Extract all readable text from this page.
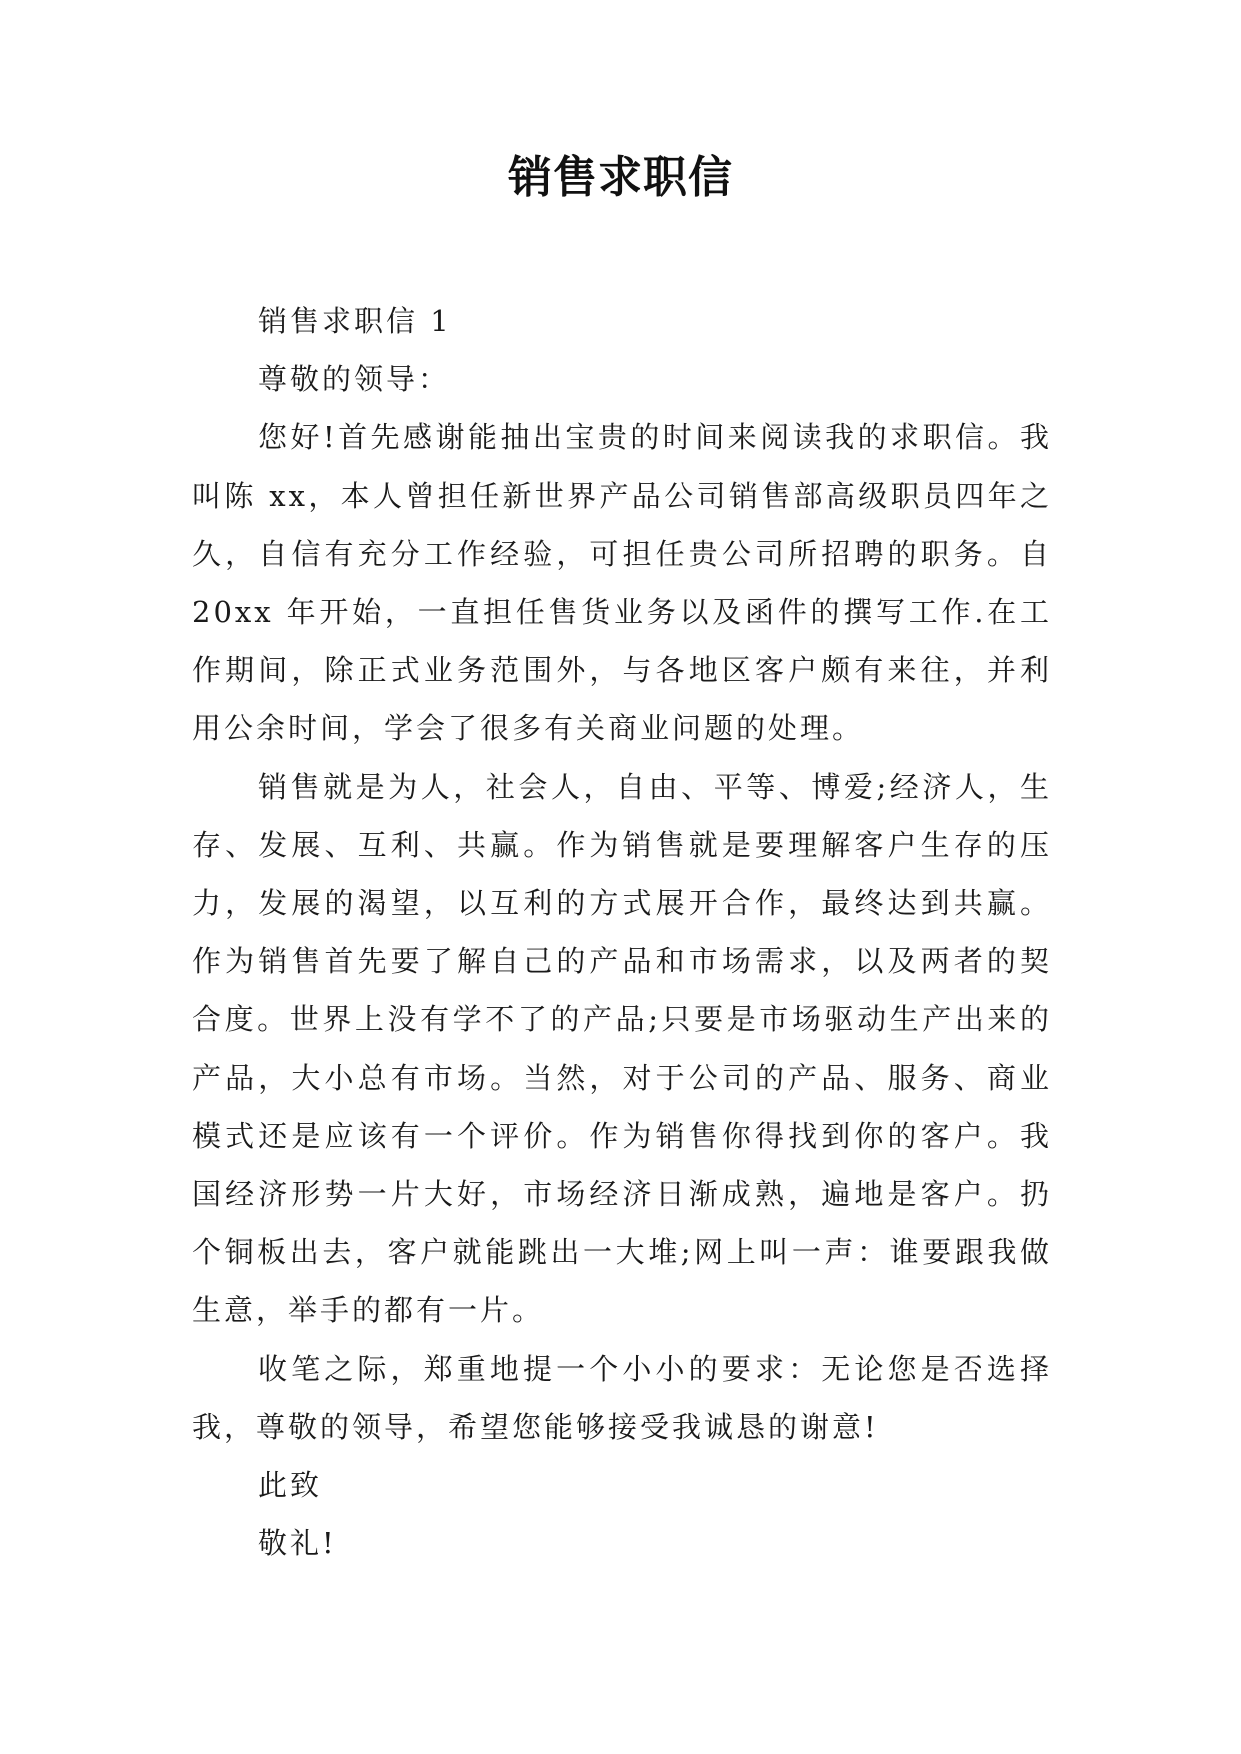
销售求职信

销售求职信 1

尊敬的领导：

您好!首先感谢能抽出宝贵的时间来阅读我的求职信。我叫陈 xx，本人曾担任新世界产品公司销售部高级职员四年之久，自信有充分工作经验，可担任贵公司所招聘的职务。自 20xx 年开始，一直担任售货业务以及函件的撰写工作.在工作期间，除正式业务范围外，与各地区客户颇有来往，并利用公余时间，学会了很多有关商业问题的处理。

销售就是为人，社会人，自由、平等、博爱;经济人，生存、发展、互利、共赢。作为销售就是要理解客户生存的压力，发展的渴望，以互利的方式展开合作，最终达到共赢。作为销售首先要了解自己的产品和市场需求，以及两者的契合度。世界上没有学不了的产品;只要是市场驱动生产出来的产品，大小总有市场。当然，对于公司的产品、服务、商业模式还是应该有一个评价。作为销售你得找到你的客户。我国经济形势一片大好，市场经济日渐成熟，遍地是客户。扔个铜板出去，客户就能跳出一大堆;网上叫一声：谁要跟我做生意，举手的都有一片。

收笔之际，郑重地提一个小小的要求：无论您是否选择我，尊敬的领导，希望您能够接受我诚恳的谢意!

此致

敬礼!
